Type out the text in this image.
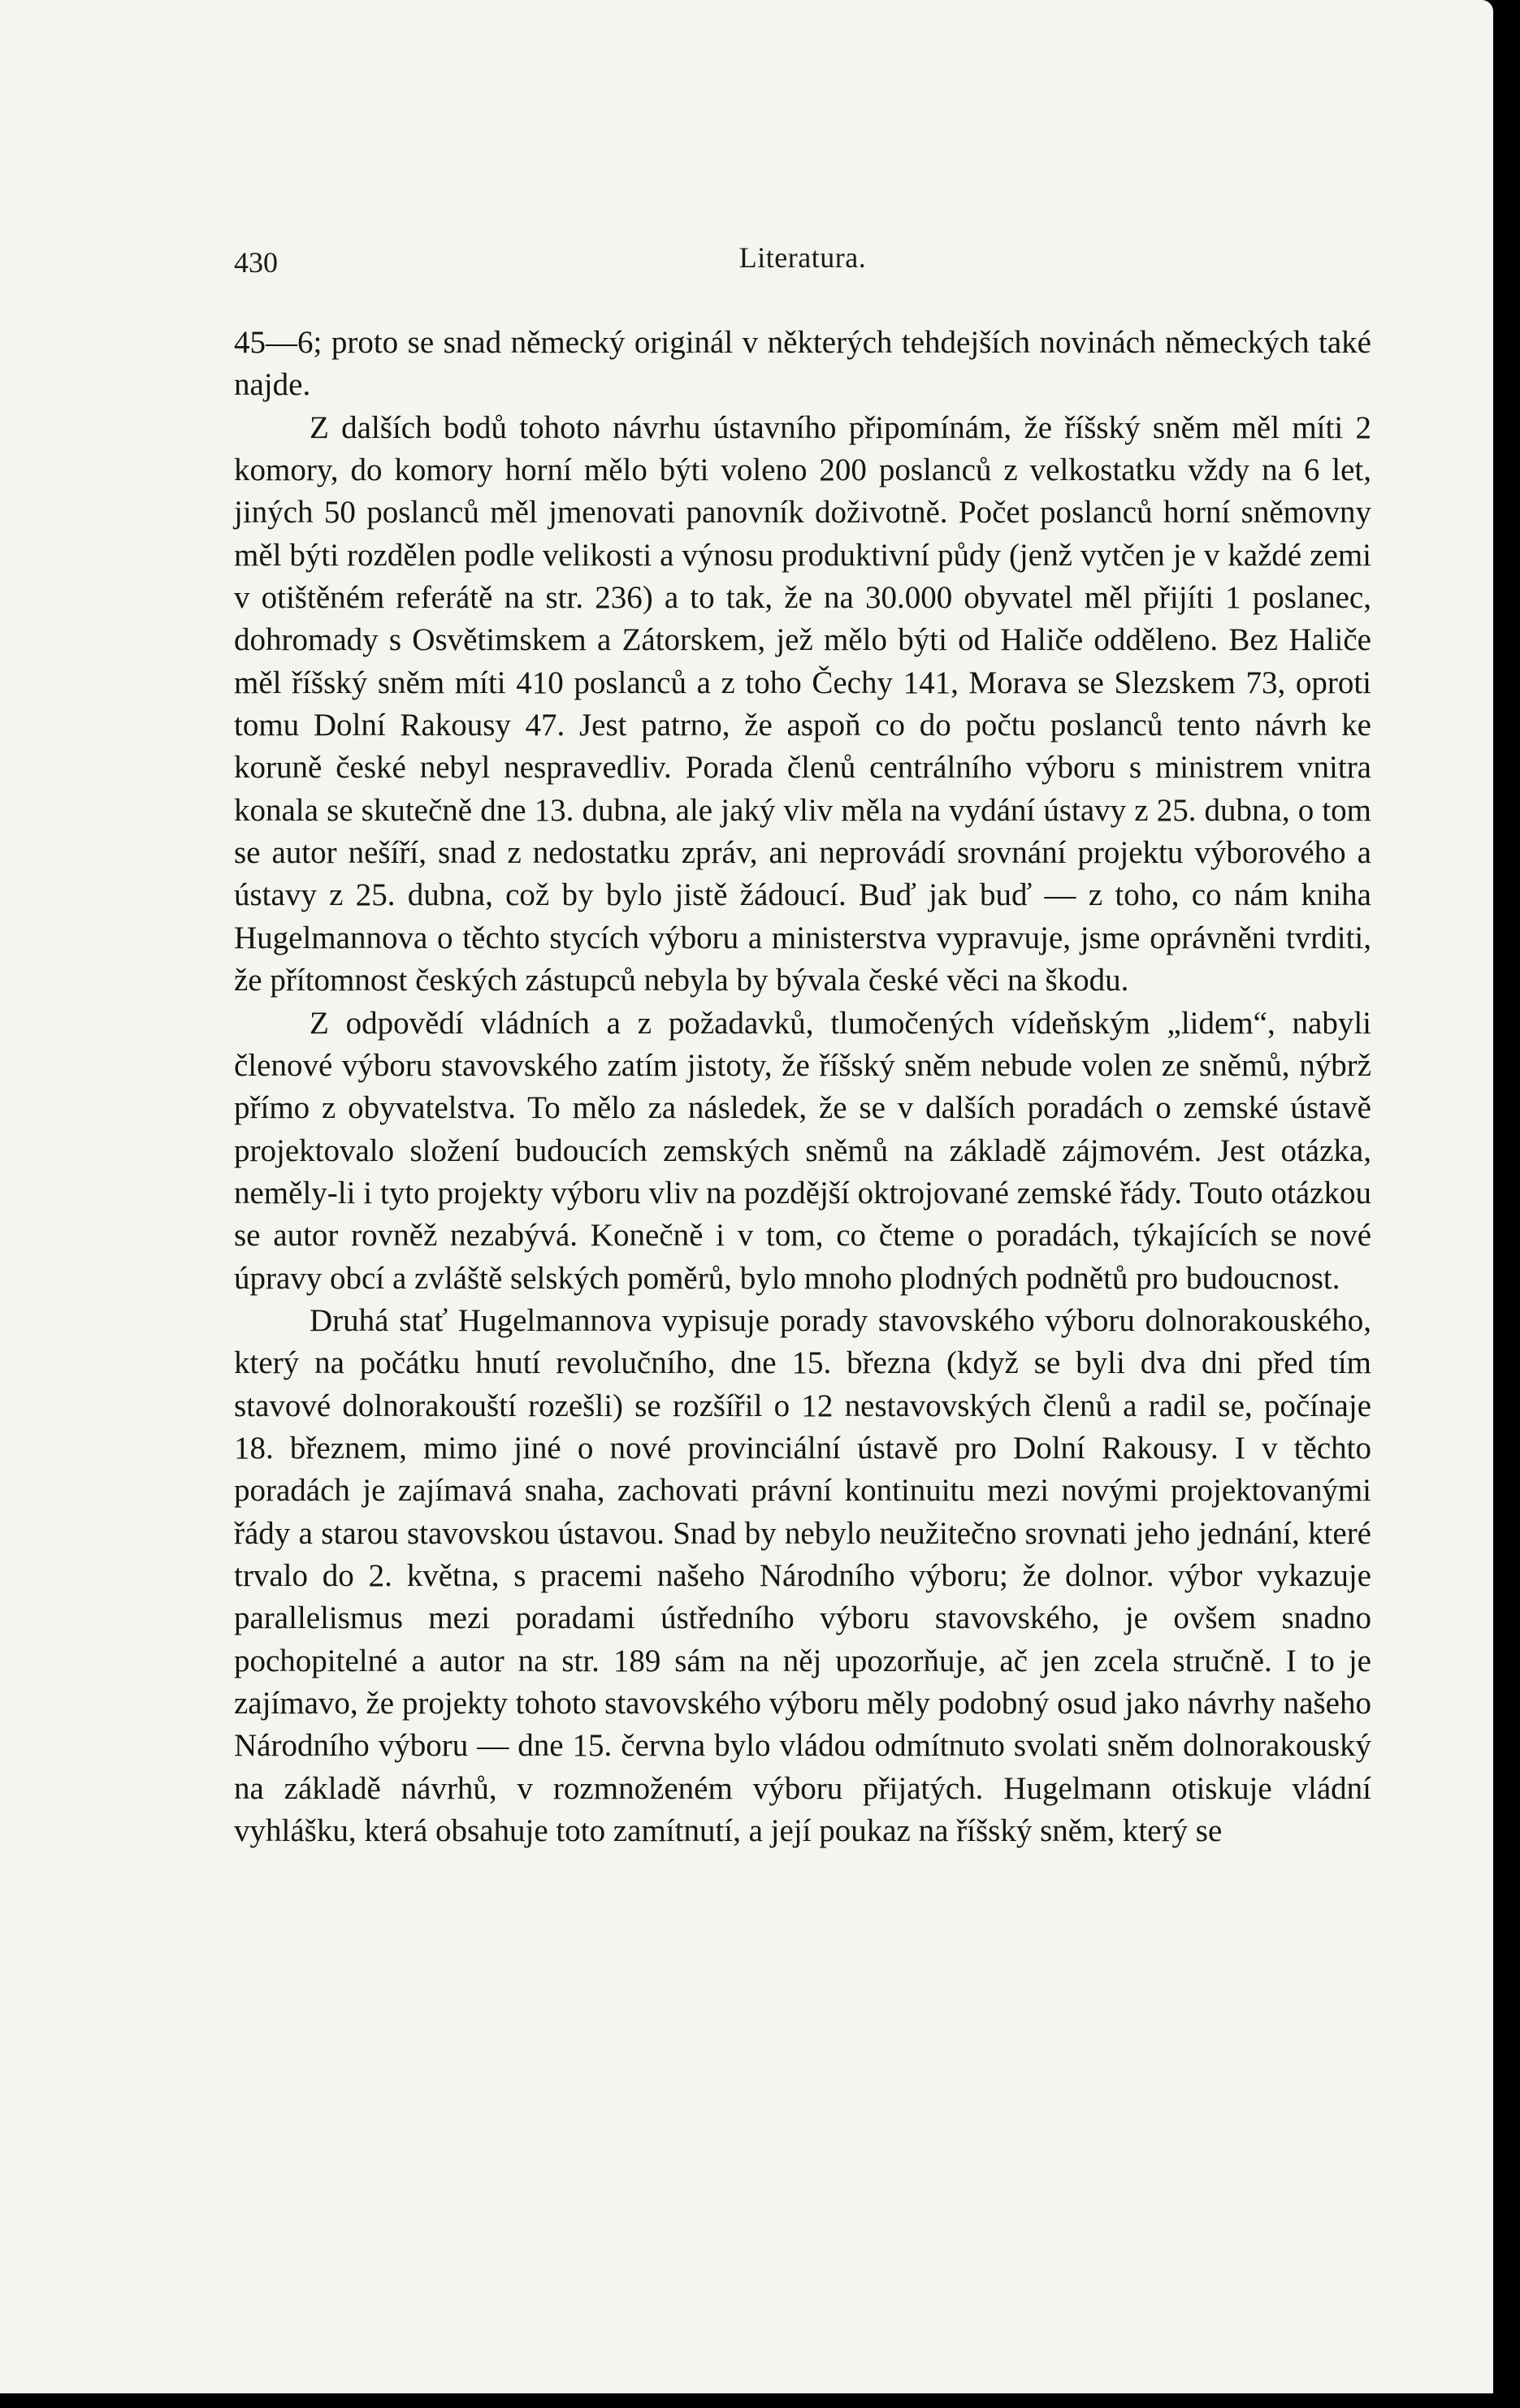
430	Literatura.

45—6; proto se snad německý originál v některých tehdejších novinách německých také najde.

Z dalších bodů tohoto návrhu ústavního připomínám, že říšský sněm měl míti 2 komory, do komory horní mělo býti voleno 200 poslanců z velkostatku vždy na 6 let, jiných 50 poslanců měl jmenovati panovník doživotně. Počet poslanců horní sněmovny měl býti rozdělen podle velikosti a výnosu produktivní půdy (jenž vytčen je v každé zemi v otištěném referátě na str. 236) a to tak, že na 30.000 obyvatel měl přijíti 1 poslanec, dohromady s Osvětimskem a Zátorskem, jež mělo býti od Haliče odděleno. Bez Haliče měl říšský sněm míti 410 poslanců a z toho Čechy 141, Morava se Slezskem 73, oproti tomu Dolní Rakousy 47. Jest patrno, že aspoň co do počtu poslanců tento návrh ke koruně české nebyl nespravedliv. Porada členů centrálního výboru s ministrem vnitra konala se skutečně dne 13. dubna, ale jaký vliv měla na vydání ústavy z 25. dubna, o tom se autor nešíří, snad z nedostatku zpráv, ani neprovádí srovnání projektu výborového a ústavy z 25. dubna, což by bylo jistě žádoucí. Buď jak buď — z toho, co nám kniha Hugelmannova o těchto stycích výboru a ministerstva vypravuje, jsme oprávněni tvrditi, že přítomnost českých zástupců nebyla by bývala české věci na škodu.

Z odpovědí vládních a z požadavků, tlumočených vídeňským „lidem“, nabyli členové výboru stavovského zatím jistoty, že říšský sněm nebude volen ze sněmů, nýbrž přímo z obyvatelstva. To mělo za následek, že se v dalších poradách o zemské ústavě projektovalo složení budoucích zemských sněmů na základě zájmovém. Jest otázka, neměly-li i tyto projekty výboru vliv na pozdější oktrojované zemské řády. Touto otázkou se autor rovněž nezabývá. Konečně i v tom, co čteme o poradách, týkajících se nové úpravy obcí a zvláště selských poměrů, bylo mnoho plodných podnětů pro budoucnost.

Druhá stať Hugelmannova vypisuje porady stavovského výboru dolnorakouského, který na počátku hnutí revolučního, dne 15. března (když se byli dva dni před tím stavové dolnorakouští rozešli) se rozšířil o 12 nestavovských členů a radil se, počínaje 18. březnem, mimo jiné o nové provinciální ústavě pro Dolní Rakousy. I v těchto poradách je zajímavá snaha, zachovati právní kontinuitu mezi novými projektovanými řády a starou stavovskou ústavou. Snad by nebylo neužitečno srovnati jeho jednání, které trvalo do 2. května, s pracemi našeho Národního výboru; že dolnor. výbor vykazuje parallelismus mezi poradami ústředního výboru stavovského, je ovšem snadno pochopitelné a autor na str. 189 sám na něj upozorňuje, ač jen zcela stručně. I to je zajímavo, že projekty tohoto stavovského výboru měly podobný osud jako návrhy našeho Národního výboru — dne 15. června bylo vládou odmítnuto svolati sněm dolnorakouský na základě návrhů, v rozmnoženém výboru přijatých. Hugelmann otiskuje vládní vyhlášku, která obsahuje toto zamítnutí, a její poukaz na říšský sněm, který se
